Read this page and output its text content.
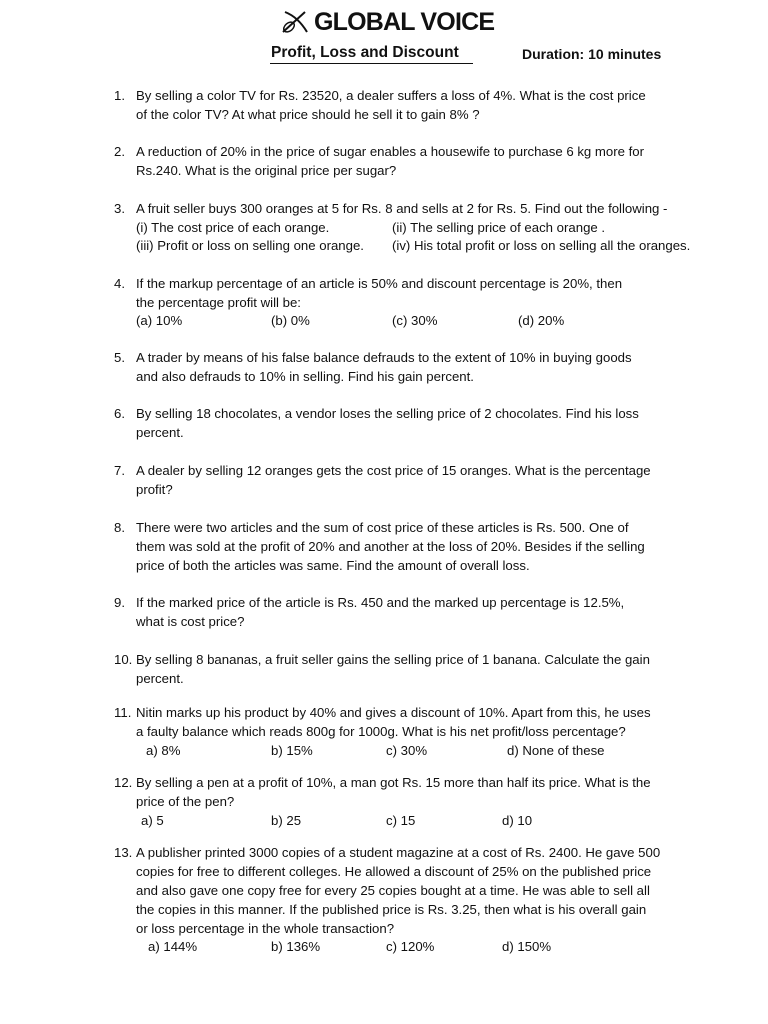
GLOBAL VOICE
Profit, Loss and Discount	Duration: 10 minutes
1. By selling a color TV for Rs. 23520, a dealer suffers a loss of 4%. What is the cost price
of the color TV? At what price should he sell it to gain 8% ?
2. A reduction of 20% in the price of sugar enables a housewife to purchase 6 kg more for
Rs.240. What is the original price per sugar?
3. A fruit seller buys 300 oranges at 5 for Rs. 8 and sells at 2 for Rs. 5. Find out the following -
(i) The cost price of each orange.	(ii) The selling price of each orange .
(iii) Profit or loss on selling one orange. (iv) His total profit or loss on selling all the oranges.
4. If the markup percentage of an article is 50% and discount percentage is 20%, then
the percentage profit will be:
(a) 10%	(b) 0%	(c) 30%	(d) 20%
5. A trader by means of his false balance defrauds to the extent of 10% in buying goods
and also defrauds to 10% in selling. Find his gain percent.
6. By selling 18 chocolates, a vendor loses the selling price of 2 chocolates. Find his loss
percent.
7. A dealer by selling 12 oranges gets the cost price of 15 oranges. What is the percentage
profit?
8. There were two articles and the sum of cost price of these articles is Rs. 500. One of
them was sold at the profit of 20% and another at the loss of 20%. Besides if the selling
price of both the articles was same. Find the amount of overall loss.
9. If the marked price of the article is Rs. 450 and the marked up percentage is 12.5%,
what is cost price?
10. By selling 8 bananas, a fruit seller gains the selling price of 1 banana. Calculate the gain
percent.
11. Nitin marks up his product by 40% and gives a discount of 10%. Apart from this, he uses
a faulty balance which reads 800g for 1000g. What is his net profit/loss percentage?
a) 8%	b) 15%	c) 30%	d) None of these
12. By selling a pen at a profit of 10%, a man got Rs. 15 more than half its price. What is the
price of the pen?
a) 5	b) 25	c) 15	d) 10
13. A publisher printed 3000 copies of a student magazine at a cost of Rs. 2400. He gave 500
copies for free to different colleges. He allowed a discount of 25% on the published price
and also gave one copy free for every 25 copies bought at a time. He was able to sell all
the copies in this manner. If the published price is Rs. 3.25, then what is his overall gain
or loss percentage in the whole transaction?
a) 144%	b) 136%	c) 120%	d) 150%
